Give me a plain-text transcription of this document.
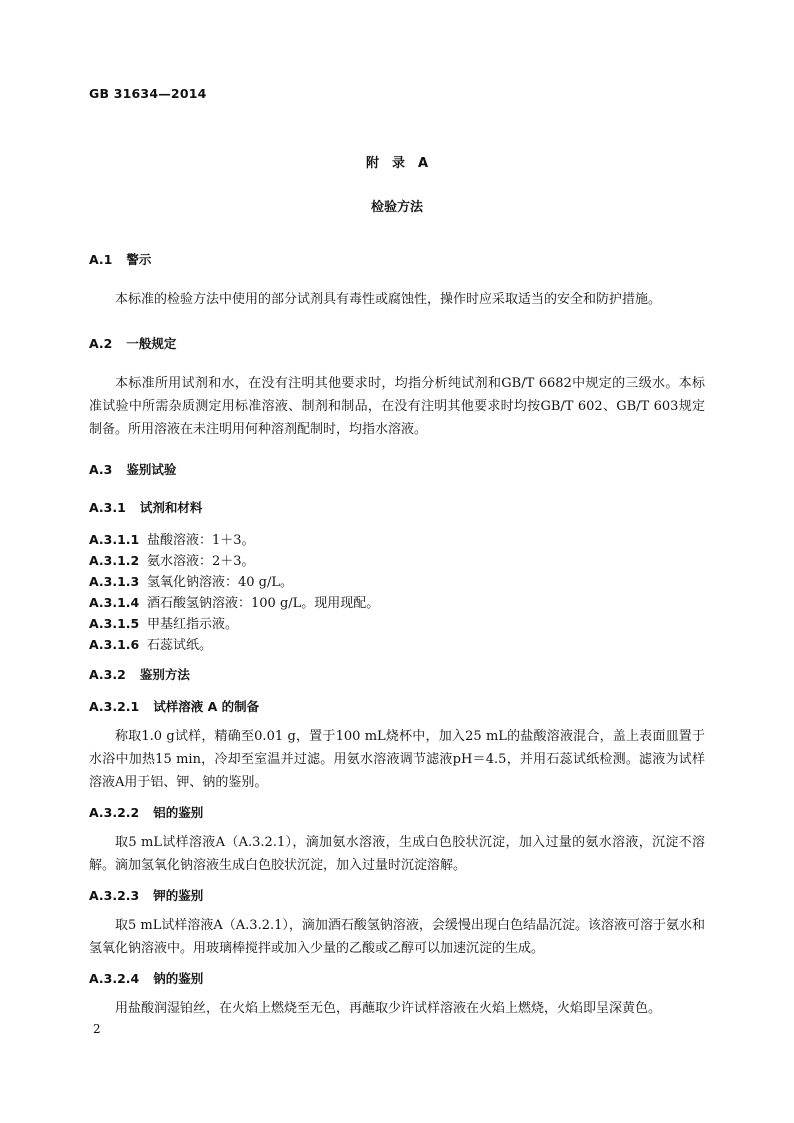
GB 31634—2014
附　录　A
检验方法
A.1 警示

本标准的检验方法中使用的部分试剂具有毒性或腐蚀性，操作时应采取适当的安全和防护措施。

A.2 一般规定

本标准所用试剂和水，在没有注明其他要求时，均指分析纯试剂和GB/T 6682中规定的三级水。本标准试验中所需杂质测定用标准溶液、制剂和制品，在没有注明其他要求时均按GB/T 602、GB/T 603规定制备。所用溶液在未注明用何种溶剂配制时，均指水溶液。

A.3 鉴别试验
A.3.1 试剂和材料
A.3.1.1 盐酸溶液：1＋3。
A.3.1.2 氨水溶液：2＋3。
A.3.1.3 氢氧化钠溶液：40 g/L。
A.3.1.4 酒石酸氢钠溶液：100 g/L。现用现配。
A.3.1.5 甲基红指示液。
A.3.1.6 石蕊试纸。
A.3.2 鉴别方法
A.3.2.1 试样溶液 A 的制备

称取1.0 g试样，精确至0.01 g，置于100 mL烧杯中，加入25 mL的盐酸溶液混合，盖上表面皿置于水浴中加热15 min，冷却至室温并过滤。用氨水溶液调节滤液pH＝4.5，并用石蕊试纸检测。滤液为试样溶液A用于铝、钾、钠的鉴别。

A.3.2.2 铝的鉴别

取5 mL试样溶液A（A.3.2.1），滴加氨水溶液，生成白色胶状沉淀，加入过量的氨水溶液，沉淀不溶解。滴加氢氧化钠溶液生成白色胶状沉淀，加入过量时沉淀溶解。

A.3.2.3 钾的鉴别

取5 mL试样溶液A（A.3.2.1），滴加酒石酸氢钠溶液，会缓慢出现白色结晶沉淀。该溶液可溶于氨水和氢氧化钠溶液中。用玻璃棒搅拌或加入少量的乙酸或乙醇可以加速沉淀的生成。

A.3.2.4 钠的鉴别

用盐酸润湿铂丝，在火焰上燃烧至无色，再蘸取少许试样溶液在火焰上燃烧，火焰即呈深黄色。

2
